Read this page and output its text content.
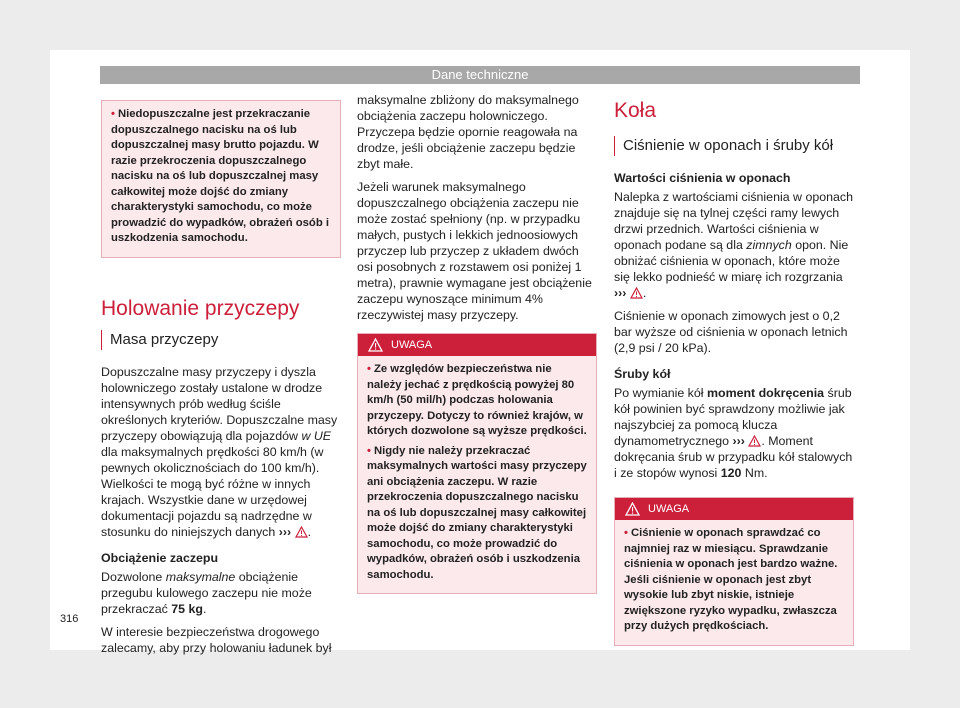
Dane techniczne

• Niedopuszczalne jest przekraczanie dopuszczalnego nacisku na oś lub dopuszczalnej masy brutto pojazdu. W razie przekroczenia dopuszczalnego nacisku na oś lub dopuszczalnej masy całkowitej może dojść do zmiany charakterystyki samochodu, co może prowadzić do wypadków, obrażeń osób i uszkodzenia samochodu.

Holowanie przyczepy
Masa przyczepy

Dopuszczalne masy przyczepy i dyszla holowniczego zostały ustalone w drodze intensywnych prób według ściśle określonych kryteriów. Dopuszczalne masy przyczepy obowiązują dla pojazdów w UE dla maksymalnych prędkości 80 km/h (w pewnych okolicznościach do 100 km/h). Wielkości te mogą być różne w innych krajach. Wszystkie dane w urzędowej dokumentacji pojazdu są nadrzędne w stosunku do niniejszych danych ››› .

Obciążenie zaczepu

Dozwolone maksymalne obciążenie przegubu kulowego zaczepu nie może przekraczać 75 kg.

W interesie bezpieczeństwa drogowego zalecamy, aby przy holowaniu ładunek był

maksymalne zbliżony do maksymalnego obciążenia zaczepu holowniczego. Przyczepa będzie opornie reagowała na drodze, jeśli obciążenie zaczepu będzie zbyt małe.

Jeżeli warunek maksymalnego dopuszczalnego obciążenia zaczepu nie może zostać spełniony (np. w przypadku małych, pustych i lekkich jednoosiowych przyczep lub przyczep z układem dwóch osi posobnych z rozstawem osi poniżej 1 metra), prawnie wymagane jest obciążenie zaczepu wynoszące minimum 4% rzeczywistej masy przyczepy.

UWAGA

• Ze względów bezpieczeństwa nie należy jechać z prędkością powyżej 80 km/h (50 mil/h) podczas holowania przyczepy. Dotyczy to również krajów, w których dozwolone są wyższe prędkości.

• Nigdy nie należy przekraczać maksymalnych wartości masy przyczepy ani obciążenia zaczepu. W razie przekroczenia dopuszczalnego nacisku na oś lub dopuszczalnej masy całkowitej może dojść do zmiany charakterystyki samochodu, co może prowadzić do wypadków, obrażeń osób i uszkodzenia samochodu.

Koła
Ciśnienie w oponach i śruby kół
Wartości ciśnienia w oponach

Nalepka z wartościami ciśnienia w oponach znajduje się na tylnej części ramy lewych drzwi przednich. Wartości ciśnienia w oponach podane są dla zimnych opon. Nie obniżać ciśnienia w oponach, które może się lekko podnieść w miarę ich rozgrzania ››› .

Ciśnienie w oponach zimowych jest o 0,2 bar wyższe od ciśnienia w oponach letnich (2,9 psi / 20 kPa).

Śruby kół

Po wymianie kół moment dokręcenia śrub kół powinien być sprawdzony możliwie jak najszybciej za pomocą klucza dynamometrycznego ››› . Moment dokręcania śrub w przypadku kół stalowych i ze stopów wynosi 120 Nm.

UWAGA

• Ciśnienie w oponach sprawdzać co najmniej raz w miesiącu. Sprawdzanie ciśnienia w oponach jest bardzo ważne. Jeśli ciśnienie w oponach jest zbyt wysokie lub zbyt niskie, istnieje zwiększone ryzyko wypadku, zwłaszcza przy dużych prędkościach.

316
